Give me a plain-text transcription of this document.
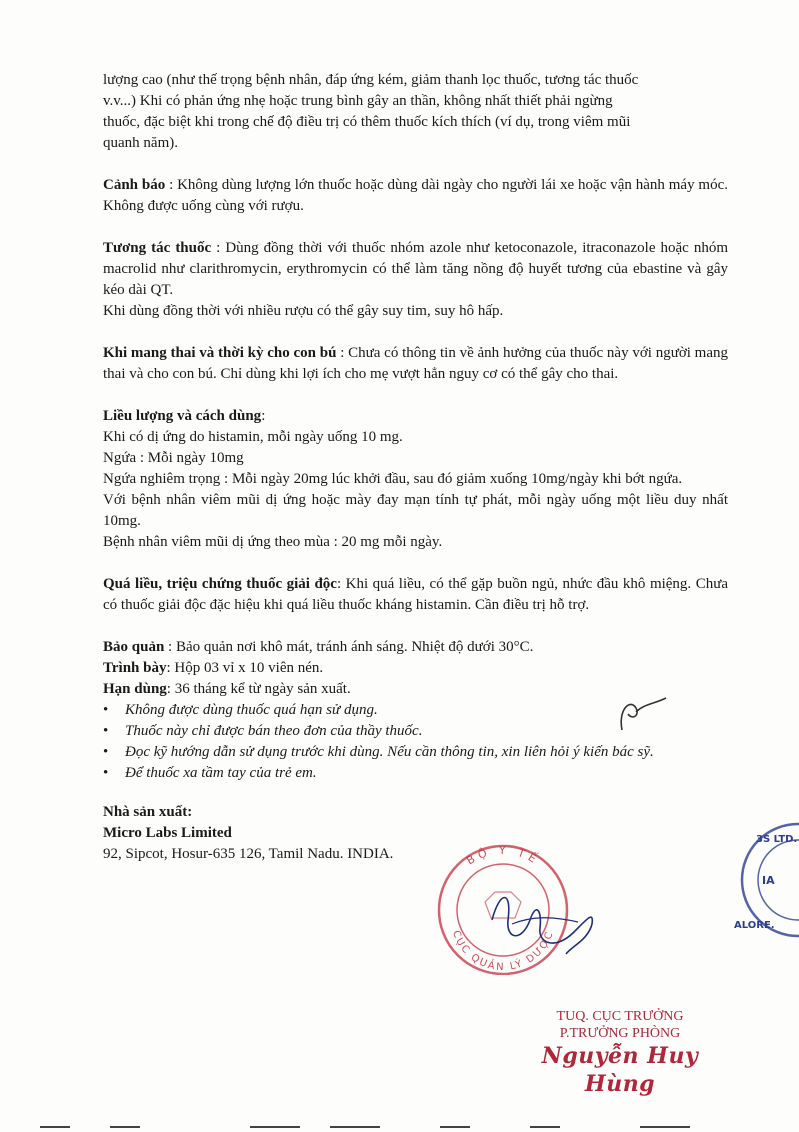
lượng cao (như thế trọng bệnh nhân, đáp ứng kém, giảm thanh lọc thuốc, tương tác thuốc
v.v...) Khi có phản ứng nhẹ hoặc trung bình gây an thần, không nhất thiết phải ngừng
thuốc, đặc biệt khi trong chế độ điều trị có thêm thuốc kích thích (ví dụ, trong viêm mũi
quanh năm).

Cảnh báo : Không dùng lượng lớn thuốc hoặc dùng dài ngày cho người lái xe hoặc vận hành máy móc. Không được uống cùng với rượu.

Tương tác thuốc : Dùng đồng thời với thuốc nhóm azole như ketoconazole, itraconazole hoặc nhóm macrolid như clarithromycin, erythromycin có thể làm tăng nồng độ huyết tương của ebastine và gây kéo dài QT.
Khi dùng đồng thời với nhiều rượu có thể gây suy tim, suy hô hấp.

Khi mang thai và thời kỳ cho con bú : Chưa có thông tin về ảnh hưởng của thuốc này với người mang thai và cho con bú. Chỉ dùng khi lợi ích cho mẹ vượt hẳn nguy cơ có thể gây cho thai.

Liều lượng và cách dùng:
Khi có dị ứng do histamin, mỗi ngày uống 10 mg.
Ngứa : Mỗi ngày 10mg
Ngứa nghiêm trọng : Mỗi ngày 20mg lúc khởi đầu, sau đó giảm xuống 10mg/ngày khi bớt ngứa.
Với bệnh nhân viêm mũi dị ứng hoặc mày đay mạn tính tự phát, mỗi ngày uống một liều duy nhất 10mg.
Bệnh nhân viêm mũi dị ứng theo mùa : 20 mg mỗi ngày.

Quá liều, triệu chứng thuốc giải độc: Khi quá liều, có thể gặp buồn ngủ, nhức đầu khô miệng. Chưa có thuốc giải độc đặc hiệu khi quá liều thuốc kháng histamin. Cần điều trị hỗ trợ.

Bảo quản : Bảo quản nơi khô mát, tránh ánh sáng. Nhiệt độ dưới 30°C.
Trình bày: Hộp 03 vỉ x 10 viên nén.
Hạn dùng: 36 tháng kể từ ngày sản xuất.
• Không được dùng thuốc quá hạn sử dụng.
• Thuốc này chỉ được bán theo đơn của thầy thuốc.
• Đọc kỹ hướng dẫn sử dụng trước khi dùng. Nếu cần thông tin, xin liên hỏi ý kiến bác sỹ.
• Để thuốc xa tầm tay của trẻ em.
Nhà sản xuất:
Micro Labs Limited
92, Sipcot, Hosur-635 126, Tamil Nadu. INDIA.	BỘ Y TẾ
CỤC QUẢN LÝ DƯỢC
3S LTD.
IA
ALORE.
TUQ. CỤC TRƯỞNG
P.TRƯỞNG PHÒNG
Nguyễn Huy Hùng
